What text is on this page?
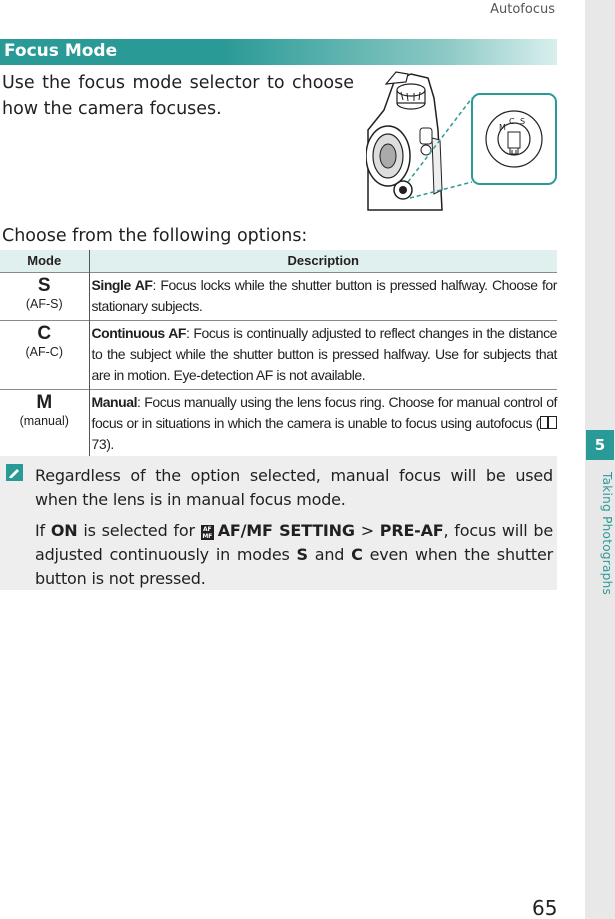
Autofocus
5
Taking Photographs
Focus Mode

Use the focus mode selector to choose how the camera focuses.

M
C S

Choose from the following options:

Mode	Description

S
(AF-S)	Single AF: Focus locks while the shutter button is pressed halfway. Choose for stationary subjects.

C
(AF-C)	Continuous AF: Focus is continually adjusted to reflect changes in the distance to the subject while the shutter button is pressed halfway. Use for subjects that are in motion. Eye-detection AF is not available.

M
(manual)	Manual: Focus manually using the lens focus ring. Choose for manual control of focus or in situations in which the camera is unable to focus using autofocus ( 73).

Regardless of the option selected, manual focus will be used when the lens is in manual focus mode.

If ON is selected for AF MF AF/MF SETTING > PRE-AF, focus will be adjusted continuously in modes S and C even when the shutter button is not pressed.

65
